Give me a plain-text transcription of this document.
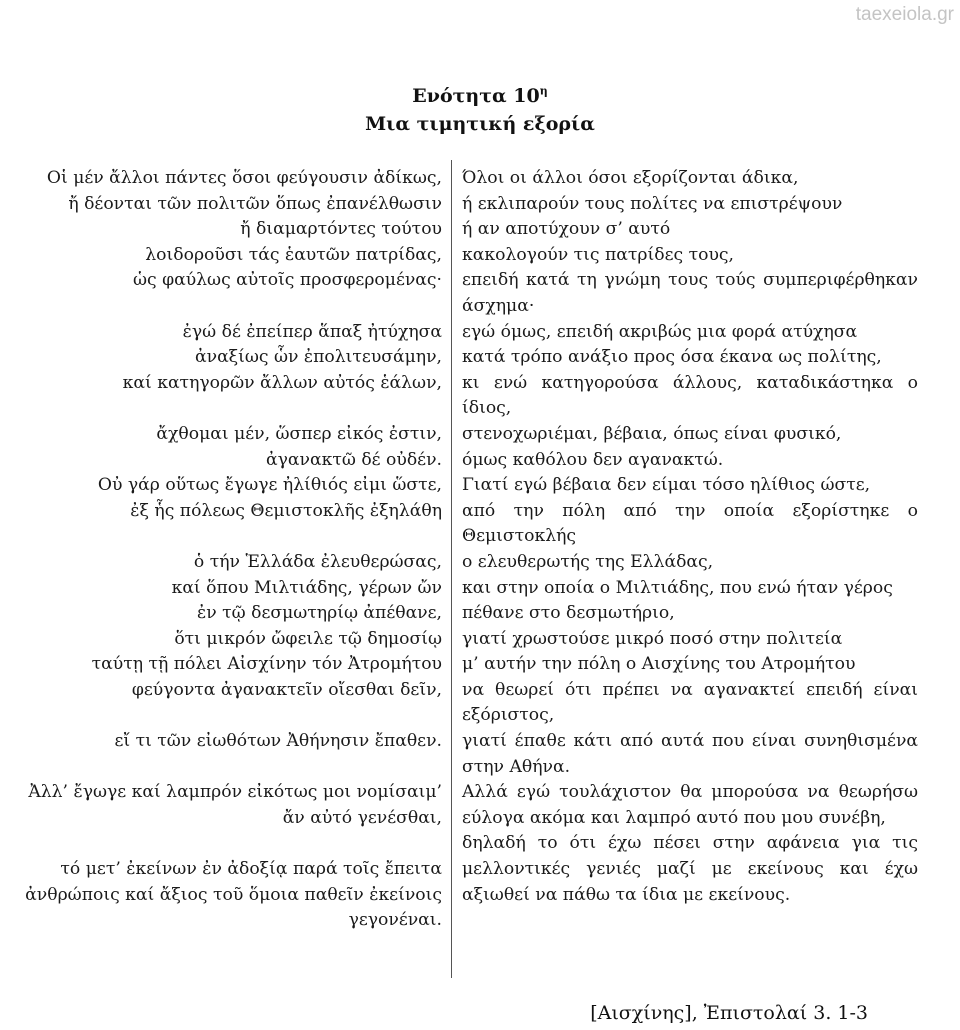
taexeiola.gr
Ενότητα $10^\eta$
Μια τιμητική εξορία
Οἱ μέν ἄλλοι πάντες ὅσοι φεύγουσιν ἀδίκως,
ἤ δέονται τῶν πολιτῶν ὅπως ἐπανέλθωσιν
ἤ διαμαρτόντες τούτου
λοιδοροῦσι τάς ἑαυτῶν πατρίδας,
ὡς φαύλως αὐτοῖς προσφερομένας·
ἐγώ δέ ἐπείπερ ἅπαξ ἠτύχησα
ἀναξίως ὧν ἐπολιτευσάμην,
καί κατηγορῶν ἄλλων αὐτός ἑάλων,
ἄχθομαι μέν, ὥσπερ εἰκός ἐστιν,
ἀγανακτῶ δέ οὐδέν.
Οὐ γάρ οὕτως ἔγωγε ἠλίθιός εἰμι ὥστε,
ἐξ ἧς πόλεως Θεμιστοκλῆς ἐξηλάθη
ὁ τήν Ἑλλάδα ἐλευθερώσας,
καί ὅπου Μιλτιάδης, γέρων ὤν
ἐν τῷ δεσμωτηρίῳ ἀπέθανε,
ὅτι μικρόν ὤφειλε τῷ δημοσίῳ
ταύτῃ τῇ πόλει Αἰσχίνην τόν Ἀτρομήτου
φεύγοντα ἀγανακτεῖν οἴεσθαι δεῖν,
εἴ τι τῶν εἰωθότων Ἀθήνησιν ἔπαθεν.
Ἀλλ’ ἔγωγε καί λαμπρόν εἰκότως μοι νομίσαιμ’
ἄν αὐτό γενέσθαι,
τό μετ’ ἐκείνων ἐν ἀδοξίᾳ παρά τοῖς ἔπειτα
ἀνθρώποις καί ἄξιος τοῦ ὅμοια παθεῖν ἐκείνοις
γεγονέναι.
Όλοι οι άλλοι όσοι εξορίζονται άδικα,
ή εκλιπαρούν τους πολίτες να επιστρέψουν
ή αν αποτύχουν σ’ αυτό
κακολογούν τις πατρίδες τους,
επειδή κατά τη γνώμη τους τούς συμπεριφέρθηκαν άσχημα·
εγώ όμως, επειδή ακριβώς μια φορά ατύχησα
κατά τρόπο ανάξιο προς όσα έκανα ως πολίτης,
κι ενώ κατηγορούσα άλλους, καταδικάστηκα ο ίδιος,
στενοχωριέμαι, βέβαια, όπως είναι φυσικό,
όμως καθόλου δεν αγανακτώ.
Γιατί εγώ βέβαια δεν είμαι τόσο ηλίθιος ώστε,
από την πόλη από την οποία εξορίστηκε ο Θεμιστοκλής
ο ελευθερωτής της Ελλάδας,
και στην οποία ο Μιλτιάδης, που ενώ ήταν γέρος
πέθανε στο δεσμωτήριο,
γιατί χρωστούσε μικρό ποσό στην πολιτεία
μ’ αυτήν την πόλη ο Αισχίνης του Ατρομήτου
να θεωρεί ότι πρέπει να αγανακτεί επειδή είναι εξόριστος,
γιατί έπαθε κάτι από αυτά που είναι συνηθισμένα στην Αθήνα.
Αλλά εγώ τουλάχιστον θα μπορούσα να θεωρήσω εύλογα ακόμα και λαμπρό αυτό που μου συνέβη,
δηλαδή το ότι έχω πέσει στην αφάνεια για τις μελλοντικές γενιές μαζί με εκείνους και έχω αξιωθεί να πάθω τα ίδια με εκείνους.
[Αισχίνης], Ἐπιστολαί 3. 1-3
